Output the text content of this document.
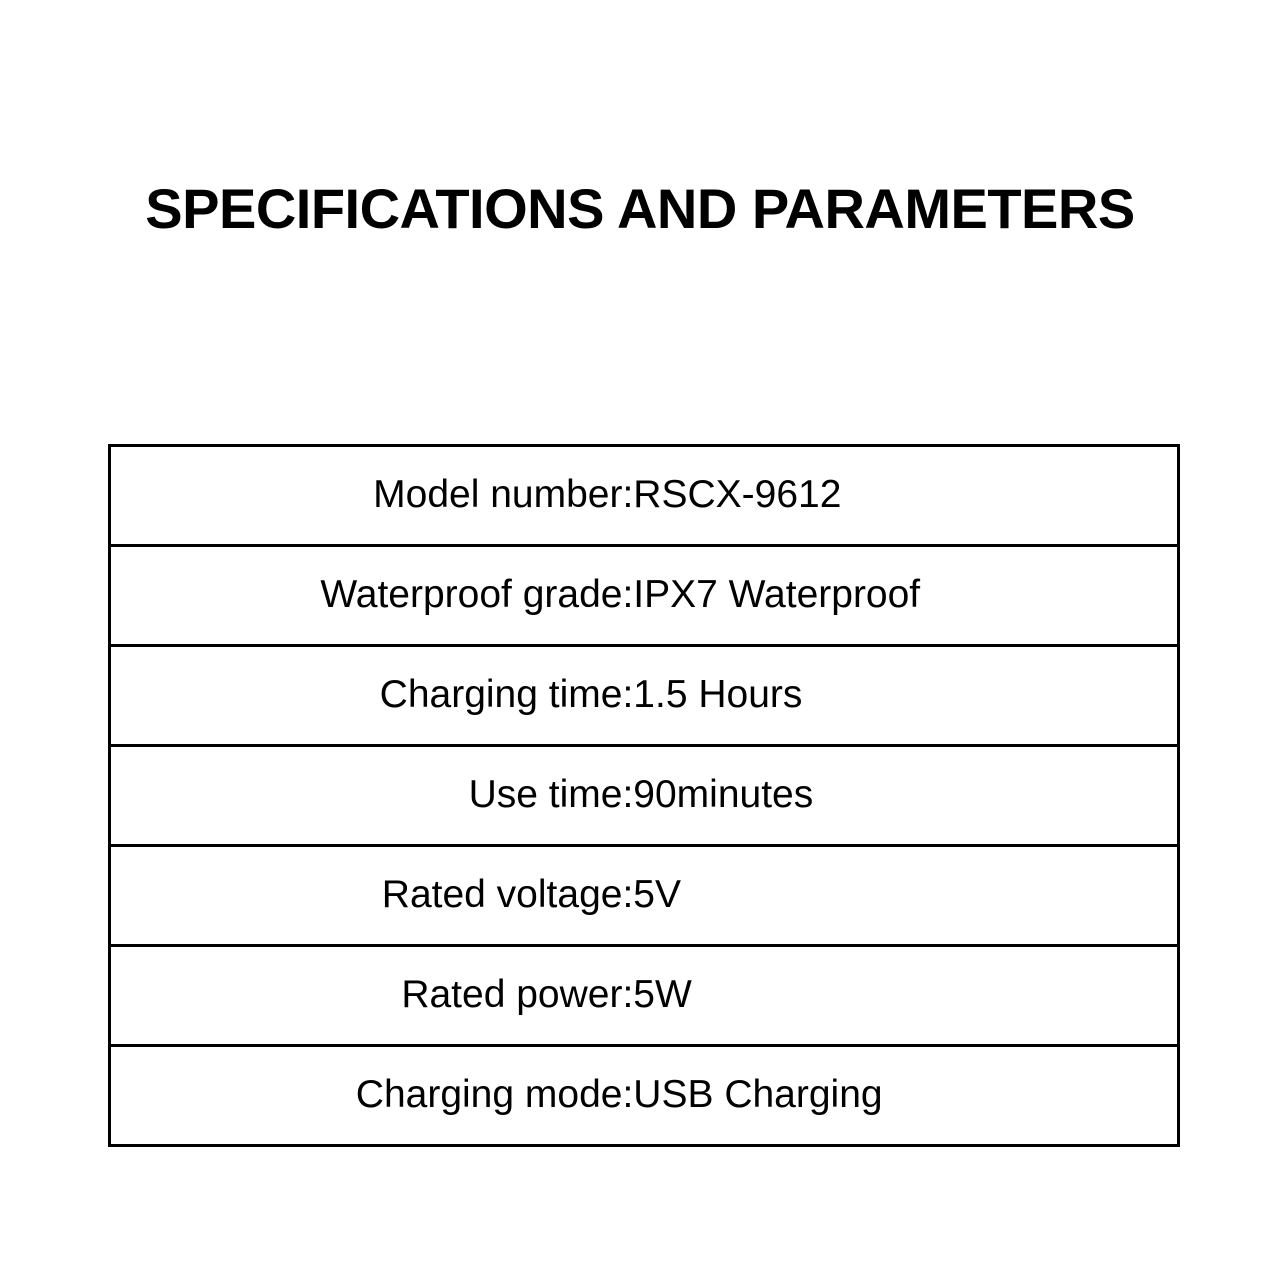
SPECIFICATIONS AND PARAMETERS
Model number:	RSCX-9612
Waterproof grade:	IPX7 Waterproof
Charging time:	1.5 Hours
Use time:	90minutes
Rated voltage:	5V
Rated power:	5W
Charging mode:	USB Charging
